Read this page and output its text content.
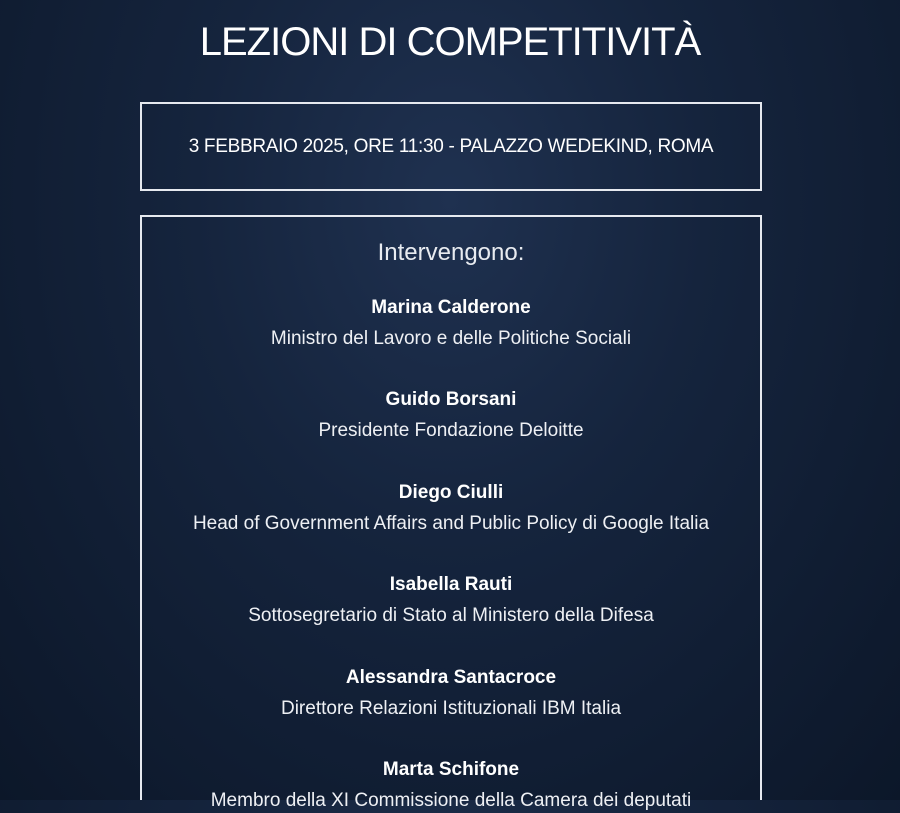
LEZIONI DI COMPETITIVITÀ
3 FEBBRAIO 2025, ORE 11:30 - PALAZZO WEDEKIND, ROMA
Intervengono:
Marina Calderone
Ministro del Lavoro e delle Politiche Sociali
Guido Borsani
Presidente Fondazione Deloitte
Diego Ciulli
Head of Government Affairs and Public Policy di Google Italia
Isabella Rauti
Sottosegretario di Stato al Ministero della Difesa
Alessandra Santacroce
Direttore Relazioni Istituzionali IBM Italia
Marta Schifone
Membro della XI Commissione della Camera dei deputati
